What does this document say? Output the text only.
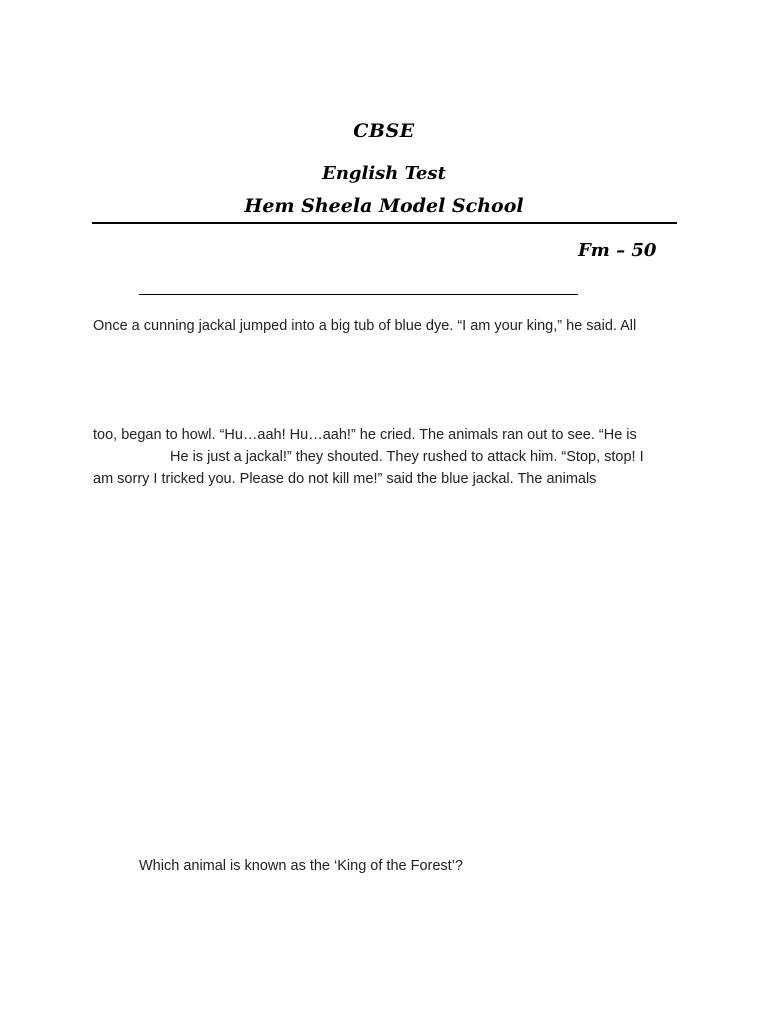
CBSE
English Test
Hem Sheela Model School
Fm – 50
Once a cunning jackal jumped into a big tub of blue dye. “I am your king,” he said. All
too, began to howl. “Hu…aah! Hu…aah!” he cried. The animals ran out to see. “He is
He is just a jackal!” they shouted. They rushed to attack him. “Stop, stop! I
am sorry I tricked you. Please do not kill me!” said the blue jackal. The animals
Which animal is known as the ‘King of the Forest’?
